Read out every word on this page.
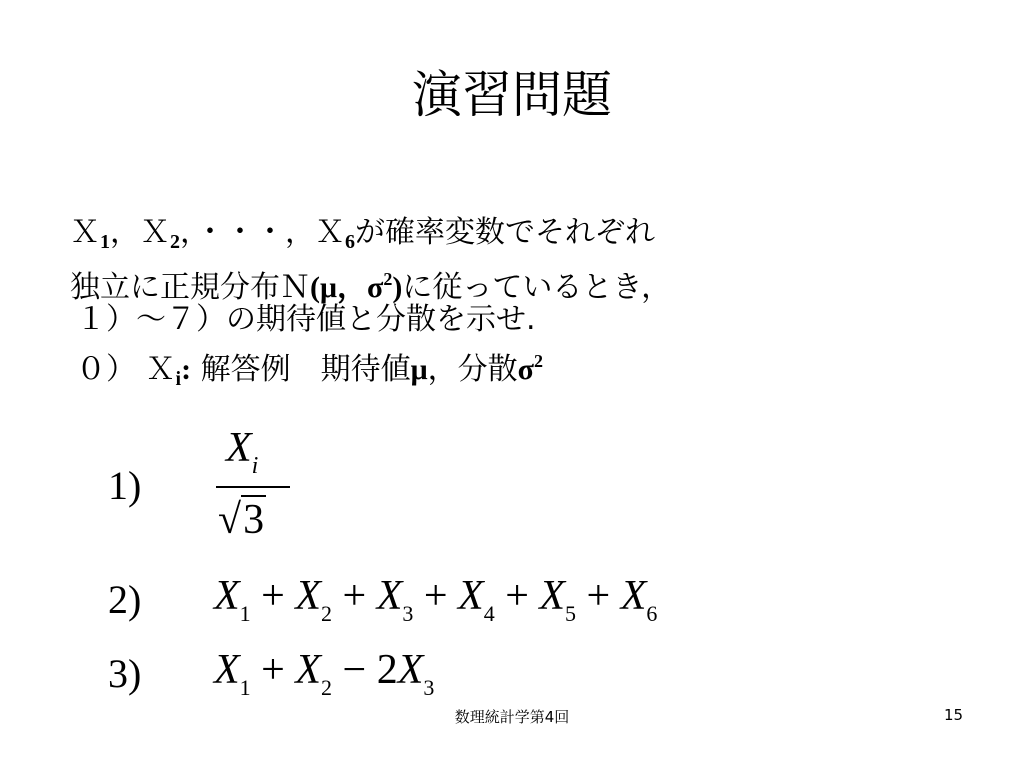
演習問題
Ｘ$_1$，Ｘ$_2$，・・・，Ｘ$_6$が確率変数でそれぞれ
独立に正規分布Ｎ(μ，$\sigma^2$)に従っているとき，
１）～７）の期待値と分散を示せ.
０） Ｘ$_i$: 解答例　期待値μ，分散$\sigma^2$
1)
$X_i$
√3
2) $X_1 + X_2 + X_3 + X_4 + X_5 + X_6$
3) $X_1 + X_2 - 2X_3$
数理統計学第4回	15
